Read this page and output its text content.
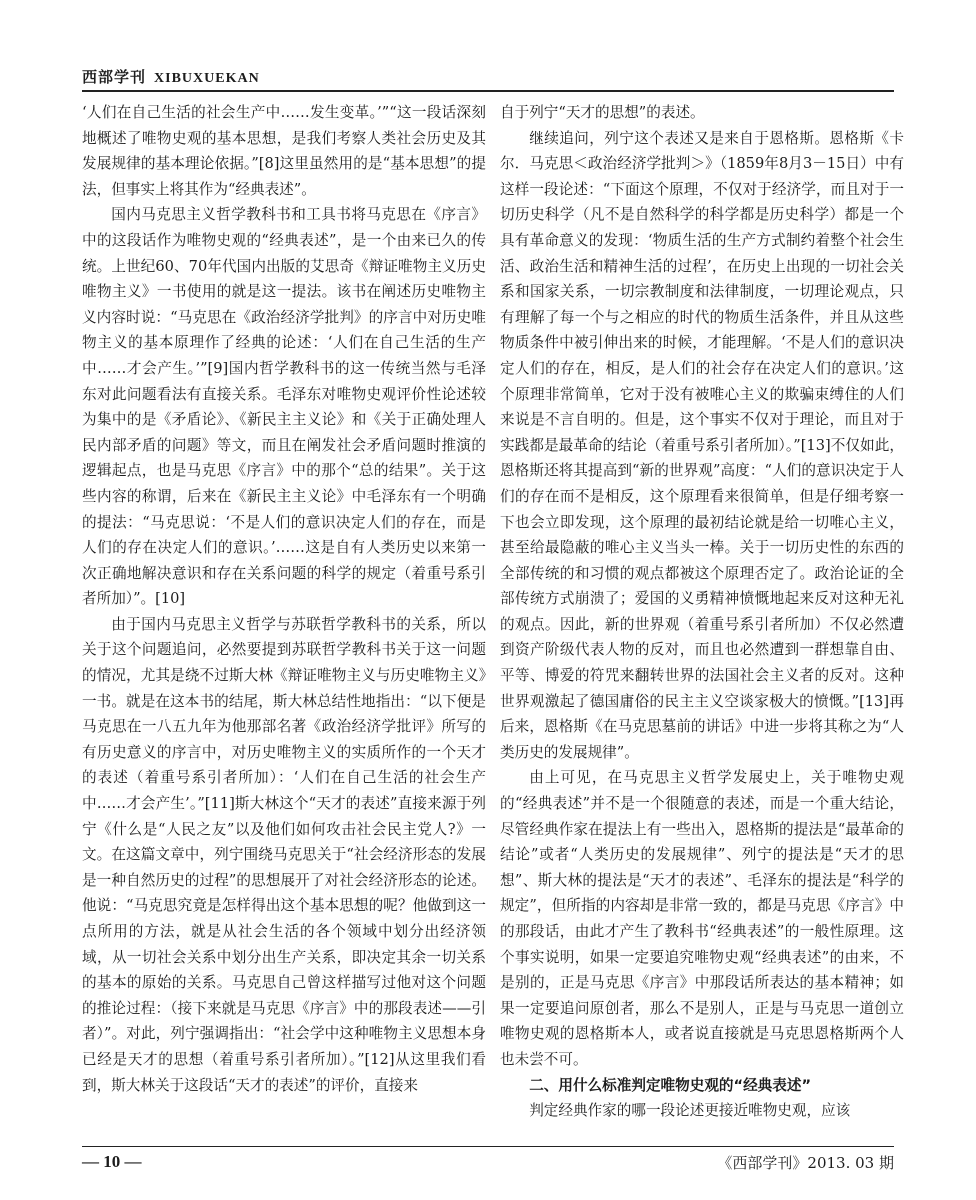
西部学刊 XIBUXUEKAN

‘人们在自己生活的社会生产中……发生变革。’”“这一段话深刻地概述了唯物史观的基本思想，是我们考察人类社会历史及其发展规律的基本理论依据。”[8]这里虽然用的是“基本思想”的提法，但事实上将其作为“经典表述”。

国内马克思主义哲学教科书和工具书将马克思在《序言》中的这段话作为唯物史观的“经典表述”，是一个由来已久的传统。上世纪60、70年代国内出版的艾思奇《辩证唯物主义历史唯物主义》一书使用的就是这一提法。该书在阐述历史唯物主义内容时说：“马克思在《政治经济学批判》的序言中对历史唯物主义的基本原理作了经典的论述：‘人们在自己生活的生产中……才会产生。’”[9]国内哲学教科书的这一传统当然与毛泽东对此问题看法有直接关系。毛泽东对唯物史观评价性论述较为集中的是《矛盾论》、《新民主主义论》和《关于正确处理人民内部矛盾的问题》等文，而且在阐发社会矛盾问题时推演的逻辑起点，也是马克思《序言》中的那个“总的结果”。关于这些内容的称谓，后来在《新民主主义论》中毛泽东有一个明确的提法：“马克思说：‘不是人们的意识决定人们的存在，而是人们的存在决定人们的意识。’……这是自有人类历史以来第一次正确地解决意识和存在关系问题的科学的规定（着重号系引者所加）”。[10]

由于国内马克思主义哲学与苏联哲学教科书的关系，所以关于这个问题追问，必然要提到苏联哲学教科书关于这一问题的情况，尤其是绕不过斯大林《辩证唯物主义与历史唯物主义》一书。就是在这本书的结尾，斯大林总结性地指出：“以下便是马克思在一八五九年为他那部名著《政治经济学批评》所写的有历史意义的序言中，对历史唯物主义的实质所作的一个天才的表述（着重号系引者所加）：‘人们在自己生活的社会生产中……才会产生’。”[11]斯大林这个“天才的表述”直接来源于列宁《什么是“人民之友”以及他们如何攻击社会民主党人?》一文。在这篇文章中，列宁围绕马克思关于“社会经济形态的发展是一种自然历史的过程”的思想展开了对社会经济形态的论述。他说：“马克思究竟是怎样得出这个基本思想的呢？他做到这一点所用的方法，就是从社会生活的各个领域中划分出经济领域，从一切社会关系中划分出生产关系，即决定其余一切关系的基本的原始的关系。马克思自己曾这样描写过他对这个问题的推论过程：（接下来就是马克思《序言》中的那段表述——引者）”。对此，列宁强调指出：“社会学中这种唯物主义思想本身已经是天才的思想（着重号系引者所加）。”[12]从这里我们看到，斯大林关于这段话“天才的表述”的评价，直接来

自于列宁“天才的思想”的表述。

继续追问，列宁这个表述又是来自于恩格斯。恩格斯《卡尔．马克思＜政治经济学批判＞》（1859年8月3－15日）中有这样一段论述：“下面这个原理，不仅对于经济学，而且对于一切历史科学（凡不是自然科学的科学都是历史科学）都是一个具有革命意义的发现：‘物质生活的生产方式制约着整个社会生活、政治生活和精神生活的过程’，在历史上出现的一切社会关系和国家关系，一切宗教制度和法律制度，一切理论观点，只有理解了每一个与之相应的时代的物质生活条件，并且从这些物质条件中被引伸出来的时候，才能理解。‘不是人们的意识决定人们的存在，相反，是人们的社会存在决定人们的意识。’这个原理非常简单，它对于没有被唯心主义的欺骗束缚住的人们来说是不言自明的。但是，这个事实不仅对于理论，而且对于实践都是最革命的结论（着重号系引者所加）。”[13]不仅如此，恩格斯还将其提高到“新的世界观”高度：“人们的意识决定于人们的存在而不是相反，这个原理看来很简单，但是仔细考察一下也会立即发现，这个原理的最初结论就是给一切唯心主义，甚至给最隐蔽的唯心主义当头一棒。关于一切历史性的东西的全部传统的和习惯的观点都被这个原理否定了。政治论证的全部传统方式崩溃了；爱国的义勇精神愤慨地起来反对这种无礼的观点。因此，新的世界观（着重号系引者所加）不仅必然遭到资产阶级代表人物的反对，而且也必然遭到一群想靠自由、平等、博爱的符咒来翻转世界的法国社会主义者的反对。这种世界观激起了德国庸俗的民主主义空谈家极大的愤慨。”[13]再后来，恩格斯《在马克思墓前的讲话》中进一步将其称之为“人类历史的发展规律”。

由上可见，在马克思主义哲学发展史上，关于唯物史观的“经典表述”并不是一个很随意的表述，而是一个重大结论，尽管经典作家在提法上有一些出入，恩格斯的提法是“最革命的结论”或者“人类历史的发展规律”、列宁的提法是“天才的思想”、斯大林的提法是“天才的表述”、毛泽东的提法是“科学的规定”，但所指的内容却是非常一致的，都是马克思《序言》中的那段话，由此才产生了教科书“经典表述”的一般性原理。这个事实说明，如果一定要追究唯物史观“经典表述”的由来，不是别的，正是马克思《序言》中那段话所表达的基本精神；如果一定要追问原创者，那么不是别人，正是与马克思一道创立唯物史观的恩格斯本人，或者说直接就是马克思恩格斯两个人也未尝不可。

二、用什么标准判定唯物史观的“经典表述”

判定经典作家的哪一段论述更接近唯物史观，应该

— 10 —	《西部学刊》2013. 03 期
